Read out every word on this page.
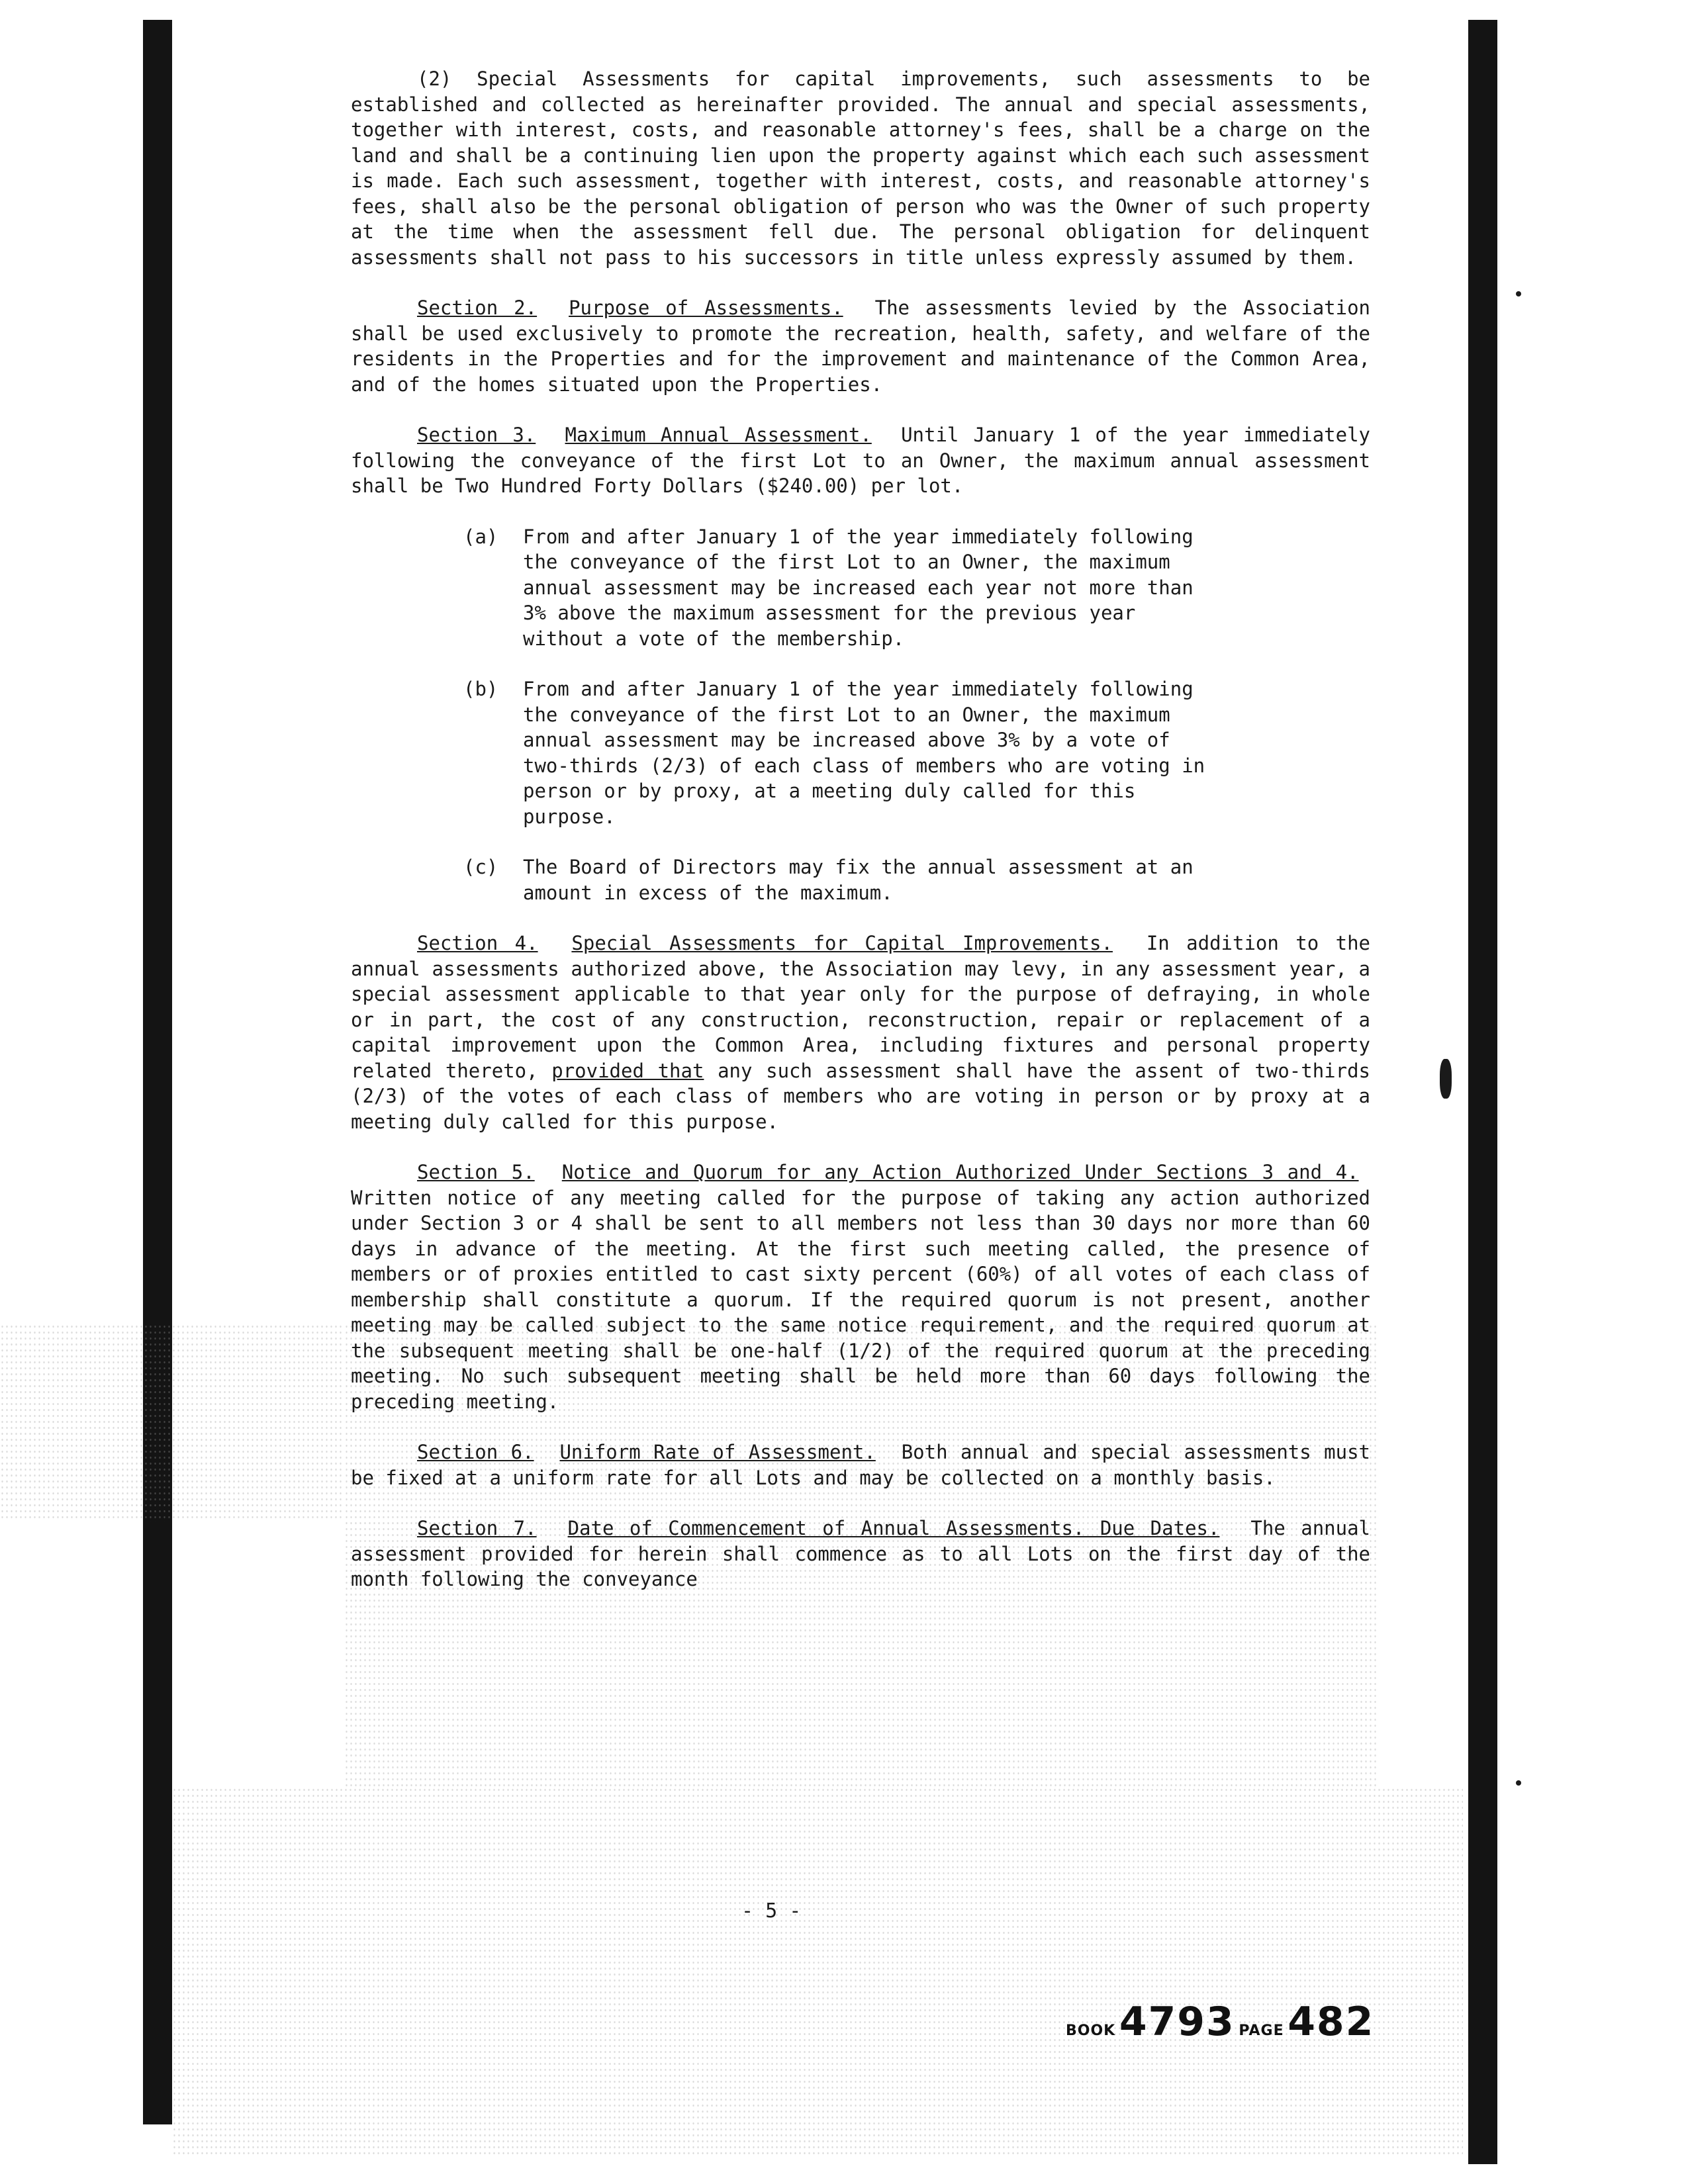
(2) Special Assessments for capital improvements, such assessments to be established and collected as hereinafter provided. The annual and special assessments, together with interest, costs, and reasonable attorney's fees, shall be a charge on the land and shall be a continuing lien upon the property against which each such assessment is made. Each such assessment, together with interest, costs, and reasonable attorney's fees, shall also be the personal obligation of person who was the Owner of such property at the time when the assessment fell due. The personal obligation for delinquent assessments shall not pass to his successors in title unless expressly assumed by them.

Section 2. Purpose of Assessments. The assessments levied by the Association shall be used exclusively to promote the recreation, health, safety, and welfare of the residents in the Properties and for the improvement and maintenance of the Common Area, and of the homes situated upon the Properties.

Section 3. Maximum Annual Assessment. Until January 1 of the year immediately following the conveyance of the first Lot to an Owner, the maximum annual assessment shall be Two Hundred Forty Dollars ($240.00) per lot.

(a)	From and after January 1 of the year immediately following the conveyance of the first Lot to an Owner, the maximum annual assessment may be increased each year not more than 3% above the maximum assessment for the previous year without a vote of the membership.
(b)	From and after January 1 of the year immediately following the conveyance of the first Lot to an Owner, the maximum annual assessment may be increased above 3% by a vote of two-thirds (2/3) of each class of members who are voting in person or by proxy, at a meeting duly called for this purpose.
(c)	The Board of Directors may fix the annual assessment at an amount in excess of the maximum.

Section 4. Special Assessments for Capital Improvements. In addition to the annual assessments authorized above, the Association may levy, in any assessment year, a special assessment applicable to that year only for the purpose of defraying, in whole or in part, the cost of any construction, reconstruction, repair or replacement of a capital improvement upon the Common Area, including fixtures and personal property related thereto, provided that any such assessment shall have the assent of two-thirds (2/3) of the votes of each class of members who are voting in person or by proxy at a meeting duly called for this purpose.

Section 5. Notice and Quorum for any Action Authorized Under Sections 3 and 4.  Written notice of any meeting called for the purpose of taking any action authorized under Section 3 or 4 shall be sent to all members not less than 30 days nor more than 60 days in advance of the meeting. At the first such meeting called, the presence of members or of proxies entitled to cast sixty percent (60%) of all votes of each class of membership shall constitute a quorum. If the required quorum is not present, another meeting may be called subject to the same notice requirement, and the required quorum at the subsequent meeting shall be one-half (1/2) of the required quorum at the preceding meeting. No such subsequent meeting shall be held more than 60 days following the preceding meeting.

Section 6. Uniform Rate of Assessment. Both annual and special assessments must be fixed at a uniform rate for all Lots and may be collected on a monthly basis.

Section 7. Date of Commencement of Annual Assessments. Due Dates. The annual assessment provided for herein shall commence as to all Lots on the first day of the month following the conveyance

- 5 -
BOOK 4793 PAGE 482
